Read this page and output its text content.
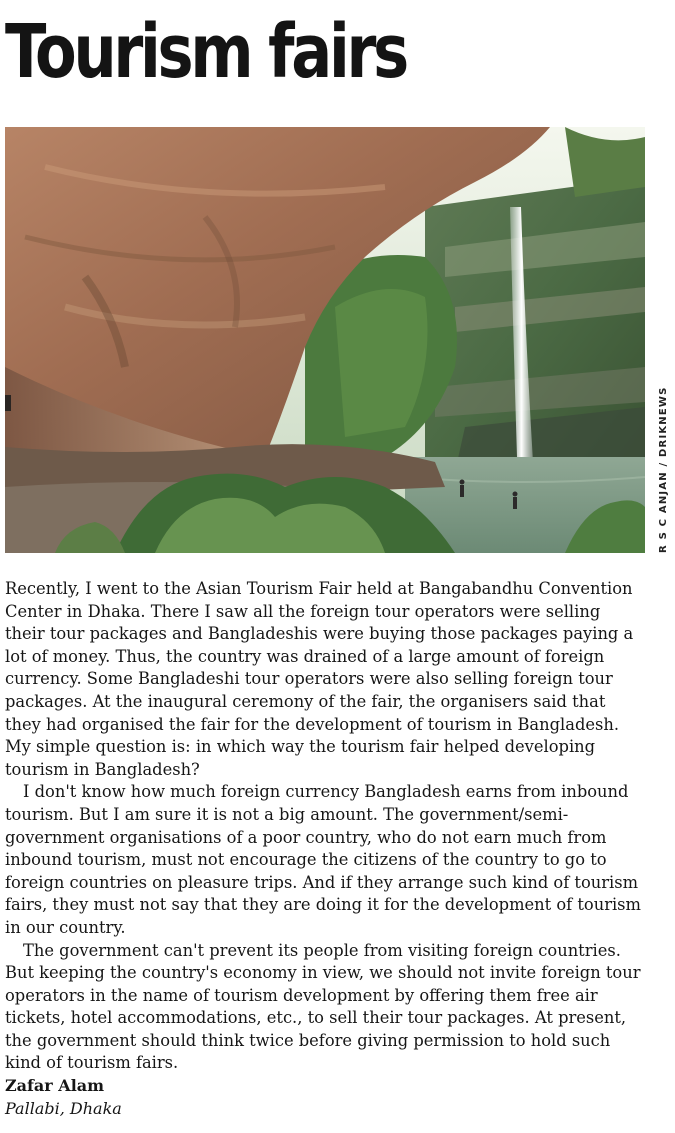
Tourism fairs
R S C ANJAN / DRIKNEWS

Recently, I went to the Asian Tourism Fair held at Bangabandhu Convention Center in Dhaka. There I saw all the foreign tour operators were selling their tour packages and Bangladeshis were buying those packages paying a lot of money. Thus, the country was drained of a large amount of foreign currency. Some Bangladeshi tour operators were also selling foreign tour packages. At the inaugural ceremony of the fair, the organisers said that they had organised the fair for the development of tourism in Bangladesh. My simple question is: in which way the tourism fair helped developing tourism in Bangladesh?

I don't know how much foreign currency Bangladesh earns from inbound tourism. But I am sure it is not a big amount. The government/semi-government organisations of a poor country, who do not earn much from inbound tourism, must not encourage the citizens of the country to go to foreign countries on pleasure trips. And if they arrange such kind of tourism fairs, they must not say that they are doing it for the development of tourism in our country.

The government can't prevent its people from visiting foreign countries. But keeping the country's economy in view, we should not invite foreign tour operators in the name of tourism development by offering them free air tickets, hotel accommodations, etc., to sell their tour packages. At present, the government should think twice before giving permission to hold such kind of tourism fairs.

Zafar Alam

Pallabi, Dhaka
